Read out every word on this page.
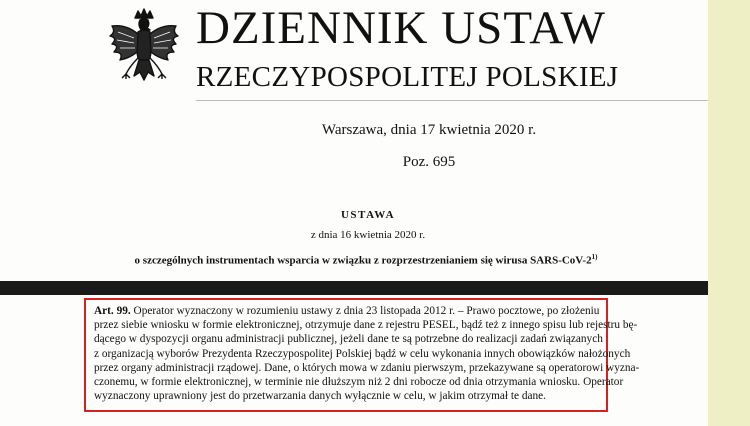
DZIENNIK USTAW
RZECZYPOSPOLITEJ POLSKIEJ
Warszawa, dnia 17 kwietnia 2020 r.
Poz. 695
USTAWA
z dnia 16 kwietnia 2020 r.
o szczególnych instrumentach wsparcia w związku z rozprzestrzenianiem się wirusa SARS-CoV-2$^{1)}$
Art. 99. Operator wyznaczony w rozumieniu ustawy z dnia 23 listopada 2012 r. – Prawo pocztowe, po złożeniu
przez siebie wniosku w formie elektronicznej, otrzymuje dane z rejestru PESEL, bądź też z innego spisu lub rejestru bę-
dącego w dyspozycji organu administracji publicznej, jeżeli dane te są potrzebne do realizacji zadań związanych
z organizacją wyborów Prezydenta Rzeczypospolitej Polskiej bądź w celu wykonania innych obowiązków nałożonych
przez organy administracji rządowej. Dane, o których mowa w zdaniu pierwszym, przekazywane są operatorowi wyzna-
czonemu, w formie elektronicznej, w terminie nie dłuższym niż 2 dni robocze od dnia otrzymania wniosku. Operator
wyznaczony uprawniony jest do przetwarzania danych wyłącznie w celu, w jakim otrzymał te dane.
